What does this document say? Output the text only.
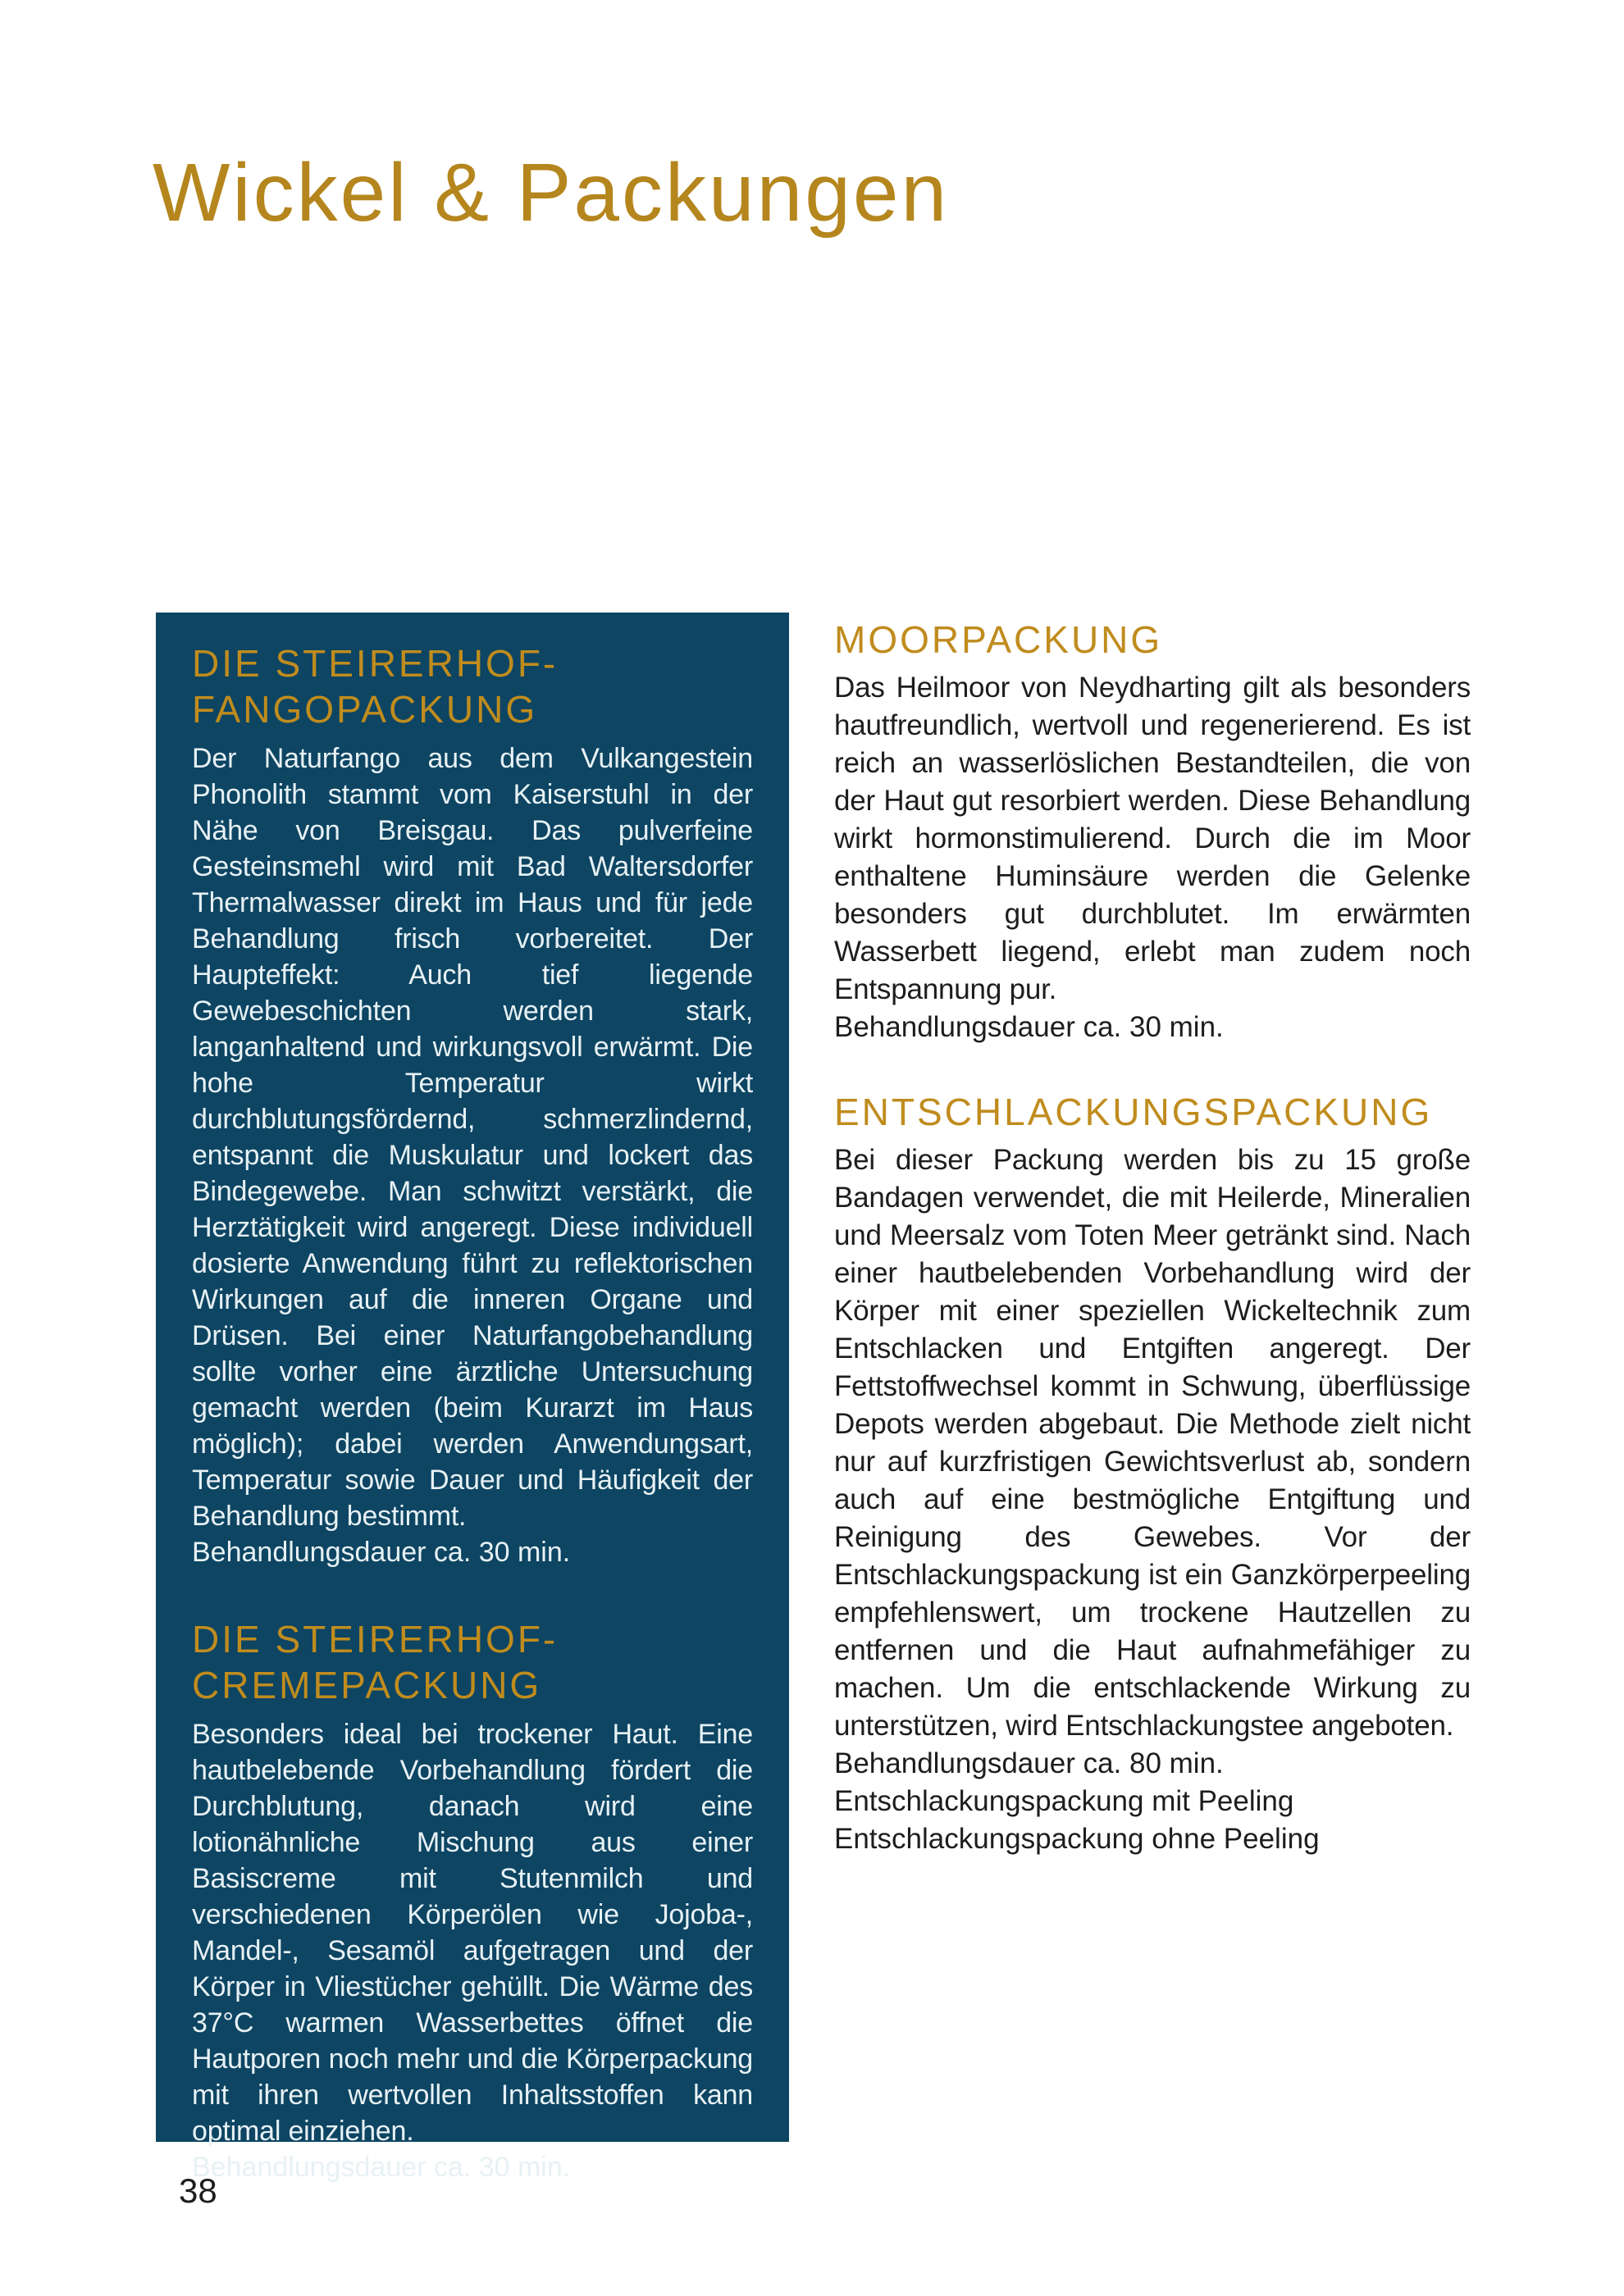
Wickel & Packungen
DIE STEIRERHOF-
FANGOPACKUNG

Der Naturfango aus dem Vulkangestein Phonolith stammt vom Kaiserstuhl in der Nähe von Breisgau. Das pulverfeine Gesteinsmehl wird mit Bad Waltersdorfer Thermalwasser direkt im Haus und für jede Behandlung frisch vorbereitet. Der Haupteffekt: Auch tief liegende Gewebeschichten werden stark, langanhaltend und wirkungsvoll erwärmt. Die hohe Temperatur wirkt durchblutungsfördernd, schmerzlindernd, entspannt die Muskulatur und lockert das Bindegewebe. Man schwitzt verstärkt, die Herztätigkeit wird angeregt. Diese individuell dosierte Anwendung führt zu reflektorischen Wirkungen auf die inneren Organe und Drüsen. Bei einer Naturfangobehandlung sollte vorher eine ärztliche Untersuchung gemacht werden (beim Kurarzt im Haus möglich); dabei werden Anwendungsart, Temperatur sowie Dauer und Häufigkeit der Behandlung bestimmt.

Behandlungsdauer ca. 30 min.
DIE STEIRERHOF-
CREMEPACKUNG

Besonders ideal bei trockener Haut. Eine hautbelebende Vorbehandlung fördert die Durchblutung, danach wird eine lotionähnliche Mischung aus einer Basiscreme mit Stutenmilch und verschiedenen Körperölen wie Jojoba-, Mandel-, Sesamöl aufgetragen und der Körper in Vliestücher gehüllt. Die Wärme des 37°C warmen Wasserbettes öffnet die Hautporen noch mehr und die Körperpackung mit ihren wertvollen Inhaltsstoffen kann optimal einziehen.

Behandlungsdauer ca. 30 min.
MOORPACKUNG

Das Heilmoor von Neydharting gilt als besonders hautfreundlich, wertvoll und regenerierend. Es ist reich an wasserlöslichen Bestandteilen, die von der Haut gut resorbiert werden. Diese Behandlung wirkt hormonstimulierend. Durch die im Moor enthaltene Huminsäure werden die Gelenke besonders gut durchblutet. Im erwärmten Wasserbett liegend, erlebt man zudem noch Entspannung pur.

Behandlungsdauer ca. 30 min.
ENTSCHLACKUNGSPACKUNG

Bei dieser Packung werden bis zu 15 große Bandagen verwendet, die mit Heilerde, Mineralien und Meersalz vom Toten Meer getränkt sind. Nach einer hautbelebenden Vorbehandlung wird der Körper mit einer speziellen Wickeltechnik zum Entschlacken und Entgiften angeregt. Der Fettstoffwechsel kommt in Schwung, überflüssige Depots werden abgebaut. Die Methode zielt nicht nur auf kurzfristigen Gewichtsverlust ab, sondern auch auf eine bestmögliche Entgiftung und Reinigung des Gewebes. Vor der Entschlackungspackung ist ein Ganzkörperpeeling empfehlenswert, um trockene Hautzellen zu entfernen und die Haut aufnahmefähiger zu machen. Um die entschlackende Wirkung zu unterstützen, wird Entschlackungstee angeboten.

Behandlungsdauer ca. 80 min.
Entschlackungspackung mit Peeling
Entschlackungspackung ohne Peeling
38
